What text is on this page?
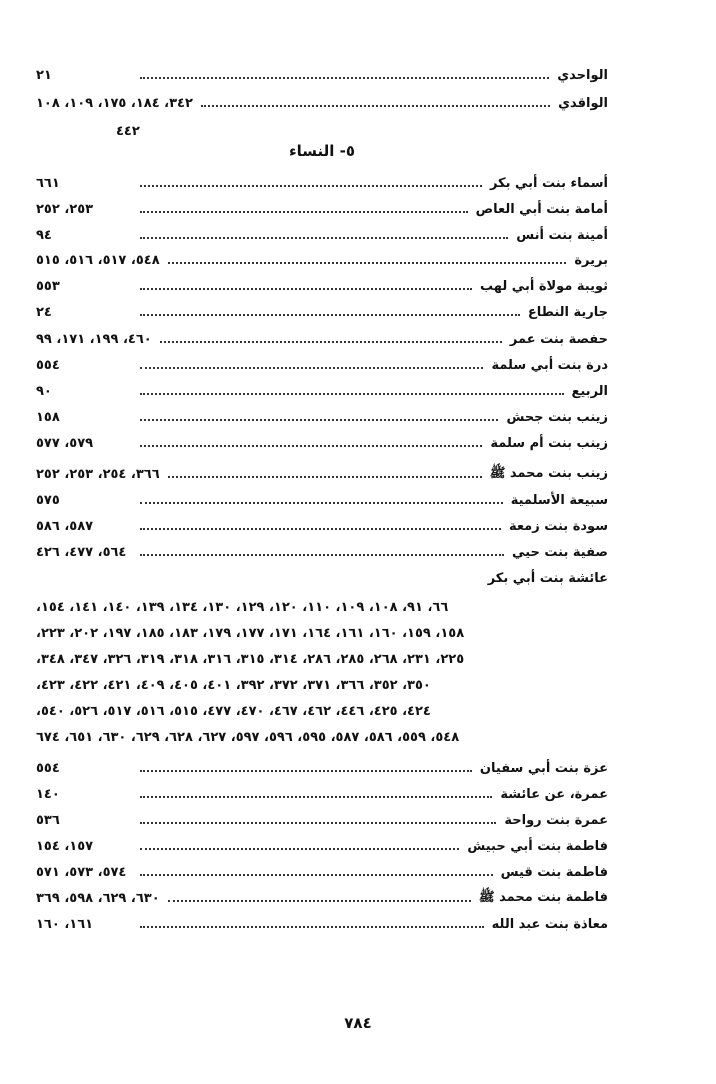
الواحدي
٢١
الواقدي
٣٤٢، ١٨٤، ١٧٥، ١٠٩، ١٠٨
٤٤٢
٥- النساء
أسماء بنت أبي بكر
٦٦١
أمامة بنت أبي العاص
٢٥٣، ٢٥٢
أمينة بنت أنس
٩٤
بريرة
٥٤٨، ٥١٧، ٥١٦، ٥١٥
ثويبة مولاة أبي لهب
٥٥٣
جارية النطاع
٢٤
حفصة بنت عمر
٤٦٠، ١٩٩، ١٧١، ٩٩
درة بنت أبي سلمة
٥٥٤
الربيع
٩٠
زينب بنت جحش
١٥٨
زينب بنت أم سلمة
٥٧٩، ٥٧٧
زينب بنت محمد ﷺ
٣٦٦، ٢٥٤، ٢٥٣، ٢٥٢
سبيعة الأسلمية
٥٧٥
سودة بنت زمعة
٥٨٧، ٥٨٦
صفية بنت حيي
٥٦٤، ٤٧٧، ٤٢٦
عائشة بنت أبي بكر
٦٦، ٩١، ١٠٨، ١٠٩، ١١٠، ١٢٠، ١٢٩، ١٣٠، ١٣٤، ١٣٩، ١٤٠، ١٤١، ١٥٤،
١٥٨، ١٥٩، ١٦٠، ١٦١، ١٦٤، ١٧١، ١٧٧، ١٧٩، ١٨٣، ١٨٥، ١٩٧، ٢٠٢، ٢٢٣،
٢٢٥، ٢٣١، ٢٦٨، ٢٨٥، ٢٨٦، ٣١٤، ٣١٥، ٣١٦، ٣١٨، ٣١٩، ٣٢٦، ٣٤٧، ٣٤٨،
٣٥٠، ٣٥٢، ٣٦٦، ٣٧١، ٣٧٢، ٣٩٢، ٤٠١، ٤٠٥، ٤٠٩، ٤٢١، ٤٢٢، ٤٢٣،
٤٢٤، ٤٢٥، ٤٤٦، ٤٦٢، ٤٦٧، ٤٧٠، ٤٧٧، ٥١٥، ٥١٦، ٥١٧، ٥٢٦، ٥٤٠،
٥٤٨، ٥٥٩، ٥٨٦، ٥٨٧، ٥٩٥، ٥٩٦، ٥٩٧، ٦٢٧، ٦٢٨، ٦٢٩، ٦٣٠، ٦٥١، ٦٧٤
عزة بنت أبي سفيان
٥٥٤
عمرة، عن عائشة
١٤٠
عمرة بنت رواحة
٥٣٦
فاطمة بنت أبي حبيش
١٥٧، ١٥٤
فاطمة بنت قيس
٥٧٤، ٥٧٣، ٥٧١
فاطمة بنت محمد ﷺ
٦٣٠، ٦٢٩، ٥٩٨، ٣٦٩
معاذة بنت عبد الله
١٦١، ١٦٠
٧٨٤
